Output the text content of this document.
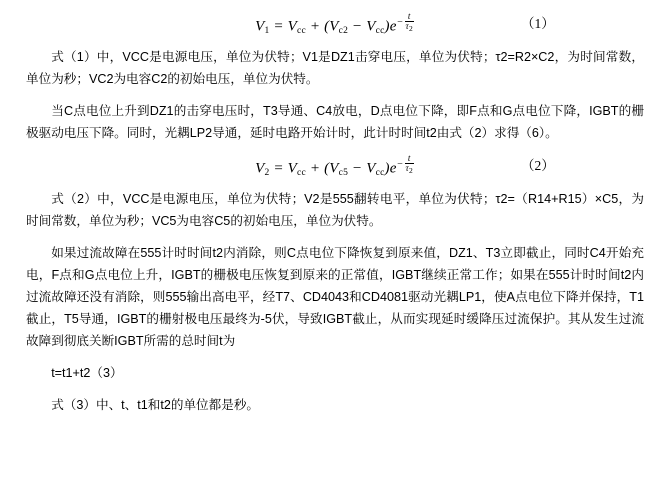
$V_1 = V_{cc} + (V_{c2} - V_{cc})e^{- \frac{t}{\tau_2}}$	（1）

式（1）中，VCC是电源电压，单位为伏特；V1是DZ1击穿电压，单位为伏特；τ2=R2×C2，为时间常数，单位为秒；VC2为电容C2的初始电压，单位为伏特。

当C点电位上升到DZ1的击穿电压时，T3导通、C4放电，D点电位下降，即F点和G点电位下降，IGBT的栅极驱动电压下降。同时，光耦LP2导通，延时电路开始计时，此计时时间t2由式（2）求得（6）。

$V_2 = V_{cc} + (V_{c5} - V_{cc})e^{- \frac{t}{\tau_2}}$	（2）

式（2）中，VCC是电源电压，单位为伏特；V2是555翻转电平，单位为伏特；τ2=（R14+R15）×C5，为时间常数，单位为秒；VC5为电容C5的初始电压，单位为伏特。

如果过流故障在555计时时间t2内消除，则C点电位下降恢复到原来值，DZ1、T3立即截止，同时C4开始充电，F点和G点电位上升，IGBT的栅极电压恢复到原来的正常值，IGBT继续正常工作；如果在555计时时间t2内过流故障还没有消除，则555输出高电平，经T7、CD4043和CD4081驱动光耦LP1，使A点电位下降并保持，T1截止，T5导通，IGBT的栅射极电压最终为-5伏，导致IGBT截止，从而实现延时缓降压过流保护。其从发生过流故障到彻底关断IGBT所需的总时间t为

t=t1+t2（3）

式（3）中、t、t1和t2的单位都是秒。
